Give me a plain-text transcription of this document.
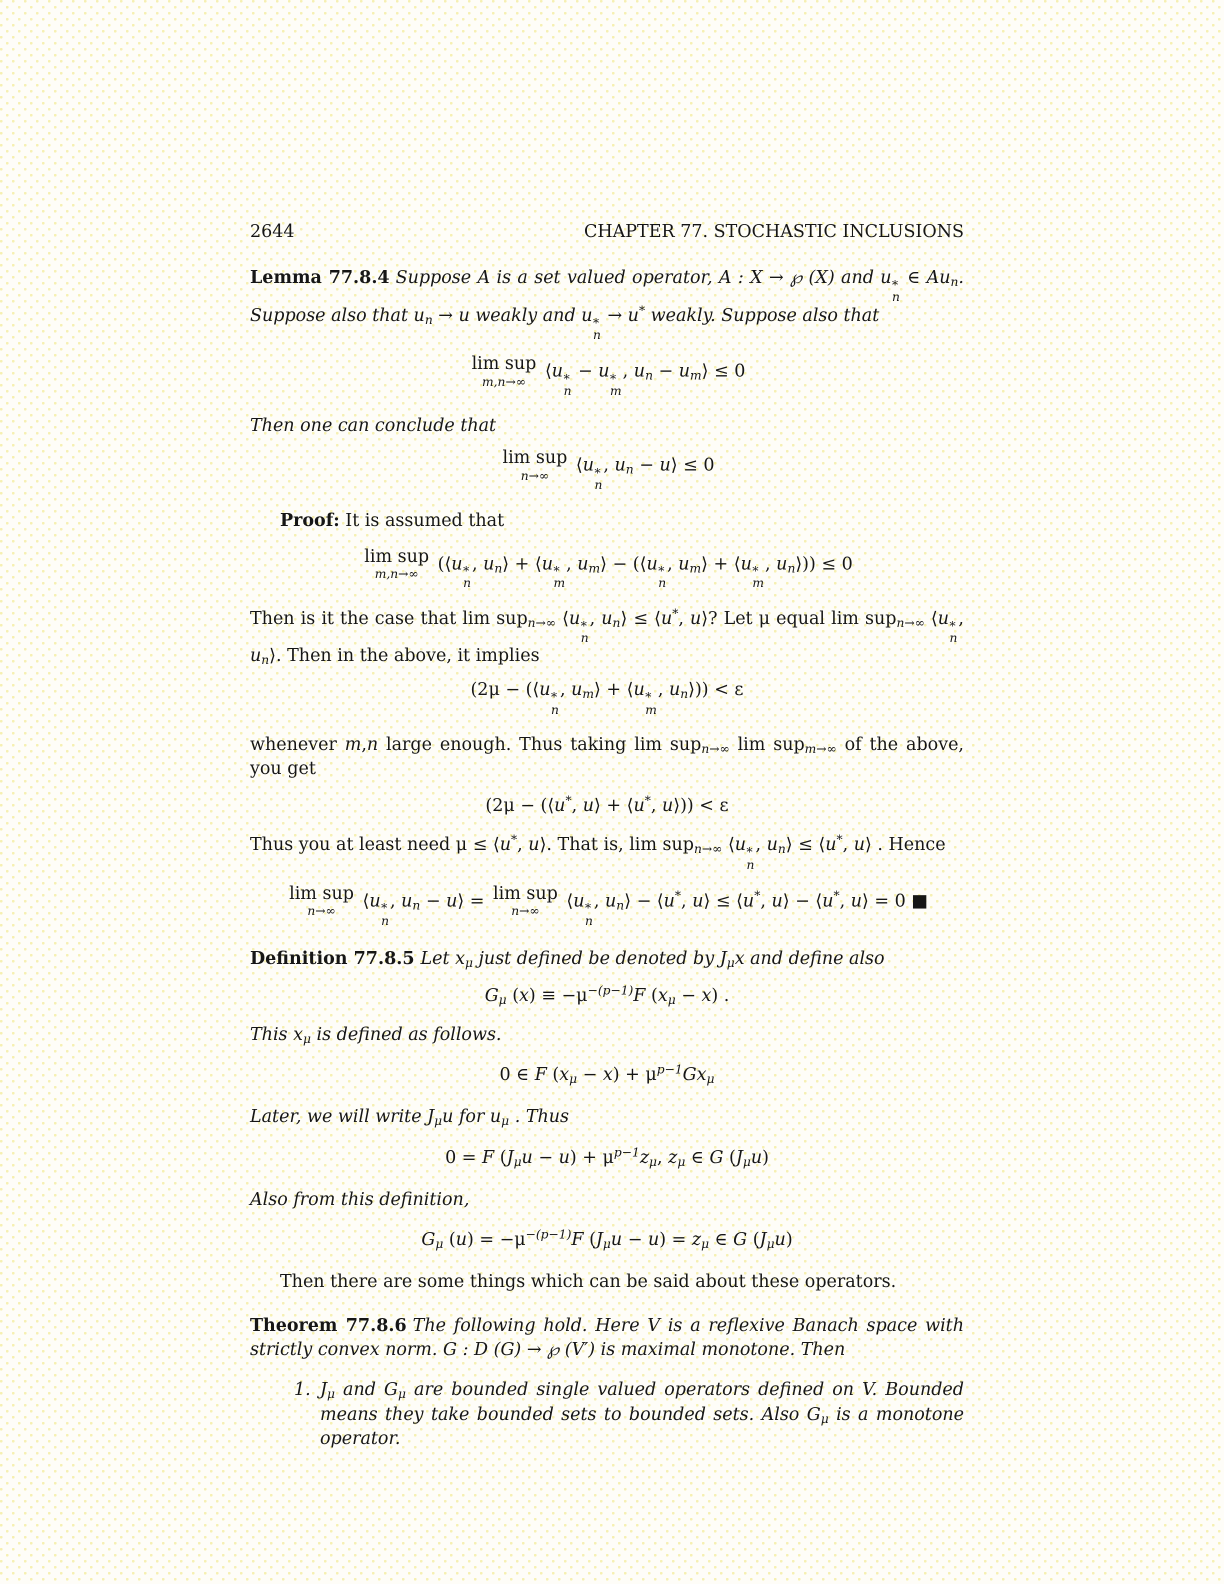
2644	CHAPTER 77. STOCHASTIC INCLUSIONS

Lemma 77.8.4 Suppose A is a set valued operator, A : X → ℘ (X) and u *
n
∈ $Au_n$. Suppose also that $u_n \to u$ weakly and u *
n
→ u* weakly. Suppose also that

lim sup
m,n→∞
⟨u *
n
− u *
m
, $u_n$ − $u_m⟩ \le 0$

Then one can conclude that

lim sup
n→∞
⟨u *
n
, $u_n$ − u⟩ ≤ 0

Proof: It is assumed that

lim sup
m,n→∞
(⟨u *
n
, $u_n⟩$ + ⟨u *
m
, $u_m⟩$ − (⟨u *
n
, $u_m⟩$ + ⟨u *
m
, $u_n⟩)) \le 0$

Then is it the case that lim sup$_{n\to\infty}$ ⟨u *
n
, $u_n⟩$ ≤ ⟨u*, u⟩? Let μ equal lim sup$_{n\to\infty}$ ⟨u *
n
, $u_n⟩$. Then in the above, it implies

(2μ − (⟨u *
n
, $u_m⟩$ + ⟨u *
m
, $u_n⟩)) < \varepsilon$

whenever m,n large enough. Thus taking lim sup$_{n\to\infty}$ lim sup$_{m\to\infty}$ of the above, you get

(2μ − (⟨u*, u⟩ + ⟨u*, u⟩)) < ε

Thus you at least need μ ≤ ⟨u*, u⟩. That is, lim sup$_{n\to\infty}$ ⟨u *
n
, $u_n⟩$ ≤ ⟨u*, u⟩ . Hence

lim sup
n→∞
⟨u *
n
, $u_n$ − u⟩ = lim sup
n→∞
⟨u *
n
, $u_n⟩$ − ⟨u*, u⟩ ≤ ⟨u*, u⟩ − ⟨u*, u⟩ = 0 ■

Definition 77.8.5 Let $x_\mu$ just defined be denoted by $J_\mu x$ and define also

$G_\mu$ $(x) \equiv -\mu^{-(p-1)}F$ $(x_\mu - x)$ .

This $x_\mu$ is defined as follows.

0 ∈ F $(x_\mu - x) + \mu^{p-1}Gx_\mu$

Later, we will write $J_\mu u$ for $u_\mu$ . Thus

0 = F $(J_\mu u - u) + \mu^{p-1}z_\mu$, $z_\mu$ ∈ G $(J_\mu u)$

Also from this definition,

$G_\mu$ $(u) = -\mu^{-(p-1)}F$ $(J_\mu u - u) = z_\mu$ ∈ G $(J_\mu u)$

Then there are some things which can be said about these operators.

Theorem 77.8.6 The following hold. Here V is a reflexive Banach space with strictly convex norm. G : D (G) → ℘ (V′) is maximal monotone. Then

1. $J_\mu$ and $G_\mu$ are bounded single valued operators defined on V. Bounded means they take bounded sets to bounded sets. Also $G_\mu$ is a monotone operator.
